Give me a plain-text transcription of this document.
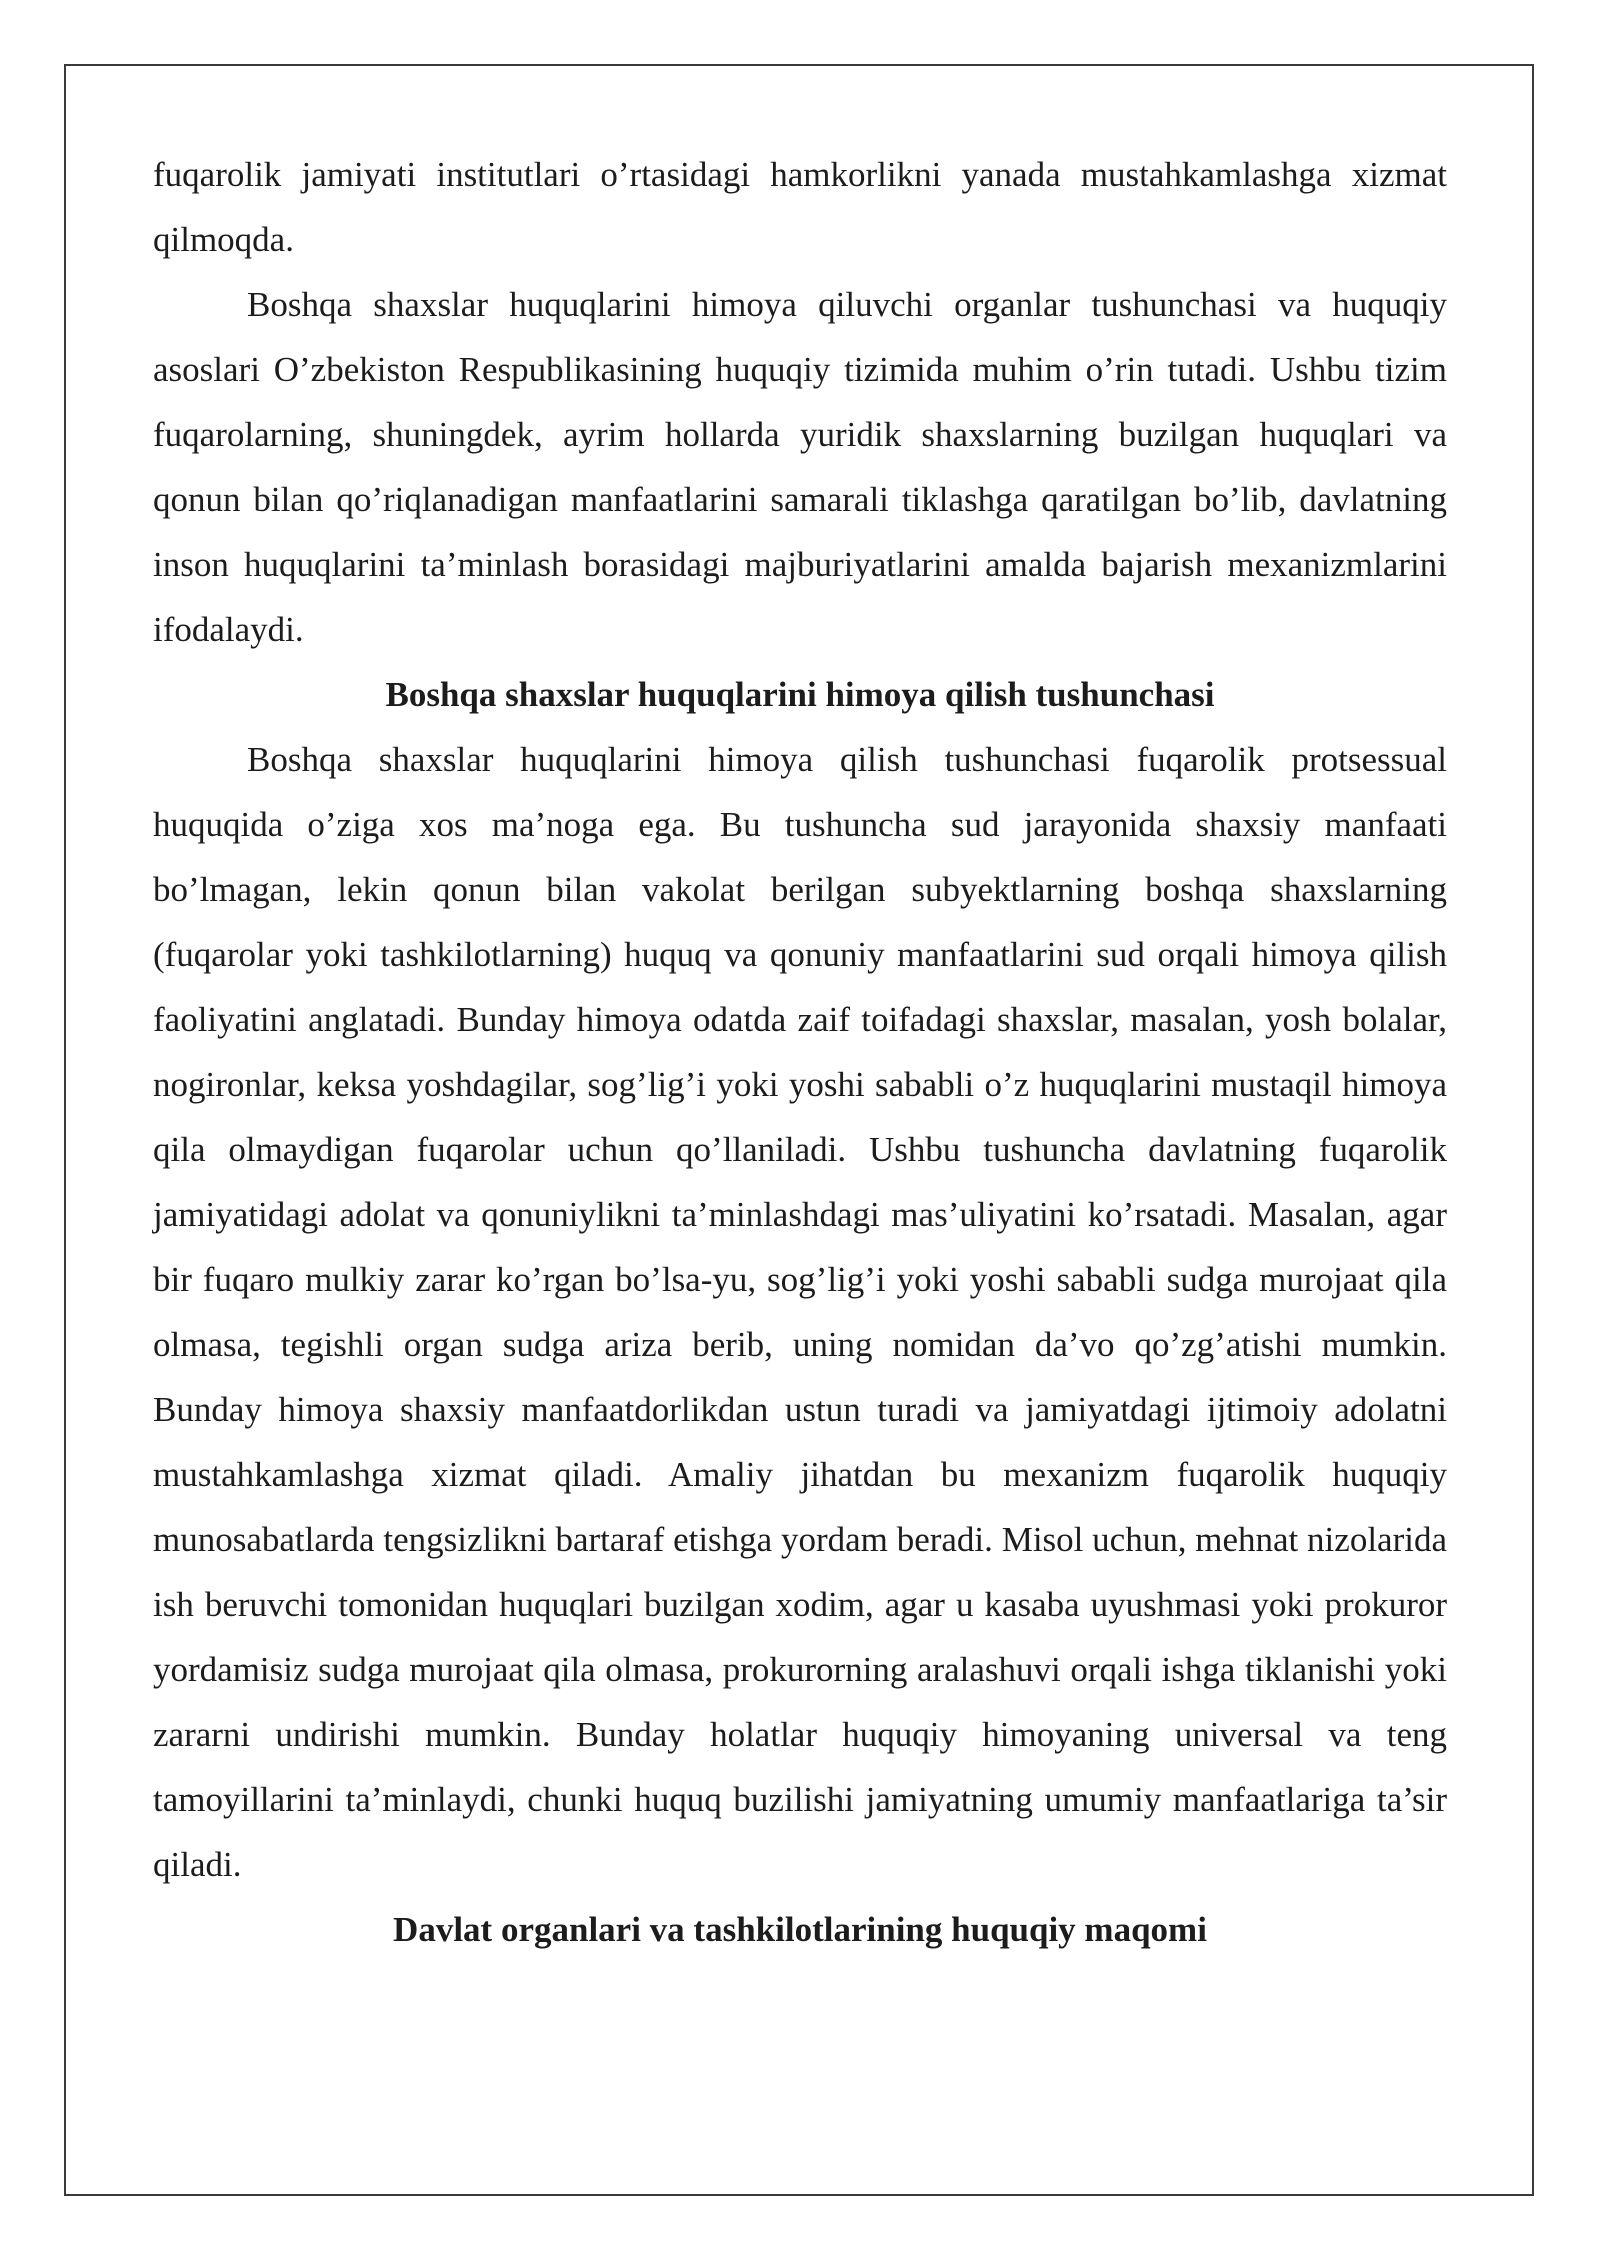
fuqarolik jamiyati institutlari o’rtasidagi hamkorlikni yanada mustahkamlashga xizmat qilmoqda.

Boshqa shaxslar huquqlarini himoya qiluvchi organlar tushunchasi va huquqiy asoslari O’zbekiston Respublikasining huquqiy tizimida muhim o’rin tutadi. Ushbu tizim fuqarolarning, shuningdek, ayrim hollarda yuridik shaxslarning buzilgan huquqlari va qonun bilan qo’riqlanadigan manfaatlarini samarali tiklashga qaratilgan bo’lib, davlatning inson huquqlarini ta’minlash borasidagi majburiyatlarini amalda bajarish mexanizmlarini ifodalaydi.

Boshqa shaxslar huquqlarini himoya qilish tushunchasi

Boshqa shaxslar huquqlarini himoya qilish tushunchasi fuqarolik protsessual huquqida o’ziga xos ma’noga ega. Bu tushuncha sud jarayonida shaxsiy manfaati bo’lmagan, lekin qonun bilan vakolat berilgan subyektlarning boshqa shaxslarning (fuqarolar yoki tashkilotlarning) huquq va qonuniy manfaatlarini sud orqali himoya qilish faoliyatini anglatadi. Bunday himoya odatda zaif toifadagi shaxslar, masalan, yosh bolalar, nogironlar, keksa yoshdagilar, sog’lig’i yoki yoshi sababli o’z huquqlarini mustaqil himoya qila olmaydigan fuqarolar uchun qo’llaniladi. Ushbu tushuncha davlatning fuqarolik jamiyatidagi adolat va qonuniylikni ta’minlashdagi mas’uliyatini ko’rsatadi. Masalan, agar bir fuqaro mulkiy zarar ko’rgan bo’lsa-yu, sog’lig’i yoki yoshi sababli sudga murojaat qila olmasa, tegishli organ sudga ariza berib, uning nomidan da’vo qo’zg’atishi mumkin. Bunday himoya shaxsiy manfaatdorlikdan ustun turadi va jamiyatdagi ijtimoiy adolatni mustahkamlashga xizmat qiladi. Amaliy jihatdan bu mexanizm fuqarolik huquqiy munosabatlarda tengsizlikni bartaraf etishga yordam beradi. Misol uchun, mehnat nizolarida ish beruvchi tomonidan huquqlari buzilgan xodim, agar u kasaba uyushmasi yoki prokuror yordamisiz sudga murojaat qila olmasa, prokurorning aralashuvi orqali ishga tiklanishi yoki zararni undirishi mumkin. Bunday holatlar huquqiy himoyaning universal va teng tamoyillarini ta’minlaydi, chunki huquq buzilishi jamiyatning umumiy manfaatlariga ta’sir qiladi.

Davlat organlari va tashkilotlarining huquqiy maqomi
